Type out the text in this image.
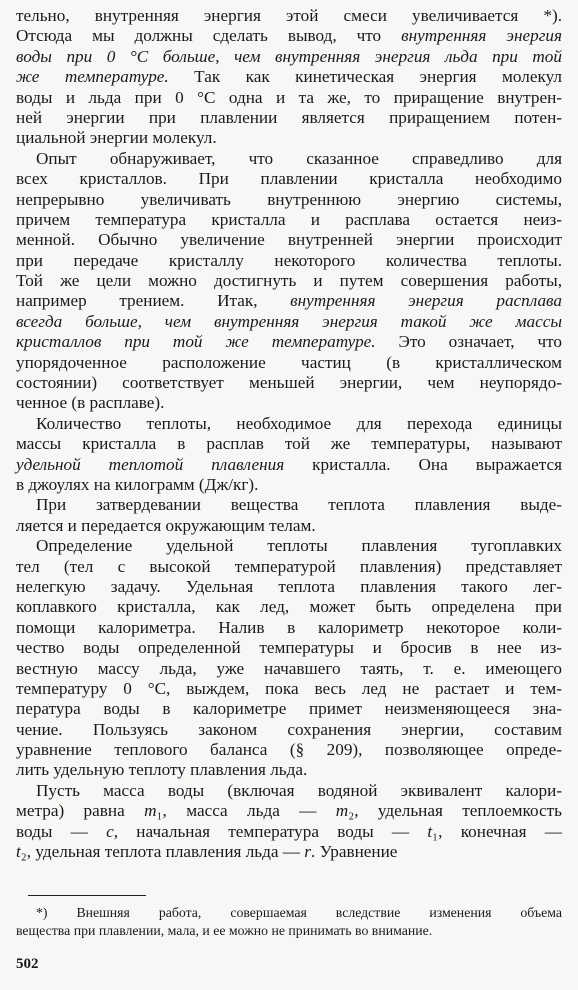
тельно, внутренняя энергия этой смеси увеличивается *).
Отсюда мы должны сделать вывод, что внутренняя энергия
воды при 0 °С больше, чем внутренняя энергия льда при той
же температуре. Так как кинетическая энергия молекул
воды и льда при 0 °С одна и та же, то приращение внутрен-
ней энергии при плавлении является приращением потен-
циальной энергии молекул.
Опыт обнаруживает, что сказанное справедливо для
всех кристаллов. При плавлении кристалла необходимо
непрерывно увеличивать внутреннюю энергию системы,
причем температура кристалла и расплава остается неиз-
менной. Обычно увеличение внутренней энергии происходит
при передаче кристаллу некоторого количества теплоты.
Той же цели можно достигнуть и путем совершения работы,
например трением. Итак, внутренняя энергия расплава
всегда больше, чем внутренняя энергия такой же массы
кристаллов при той же температуре. Это означает, что
упорядоченное расположение частиц (в кристаллическом
состоянии) соответствует меньшей энергии, чем неупорядо-
ченное (в расплаве).
Количество теплоты, необходимое для перехода единицы
массы кристалла в расплав той же температуры, называют
удельной теплотой плавления кристалла. Она выражается
в джоулях на килограмм (Дж/кг).
При затвердевании вещества теплота плавления выде-
ляется и передается окружающим телам.
Определение удельной теплоты плавления тугоплавких
тел (тел с высокой температурой плавления) представляет
нелегкую задачу. Удельная теплота плавления такого лег-
коплавкого кристалла, как лед, может быть определена при
помощи калориметра. Налив в калориметр некоторое коли-
чество воды определенной температуры и бросив в нее из-
вестную массу льда, уже начавшего таять, т. е. имеющего
температуру 0 °С, выждем, пока весь лед не растает и тем-
пература воды в калориметре примет неизменяющееся зна-
чение. Пользуясь законом сохранения энергии, составим
уравнение теплового баланса (§ 209), позволяющее опреде-
лить удельную теплоту плавления льда.
Пусть масса воды (включая водяной эквивалент калори-
метра) равна m₁, масса льда — m₂, удельная теплоемкость
воды — c, начальная температура воды — t₁, конечная —
t₂, удельная теплота плавления льда — r. Уравнение
*) Внешняя работа, совершаемая вследствие изменения объема
вещества при плавлении, мала, и ее можно не принимать во внимание.
502
